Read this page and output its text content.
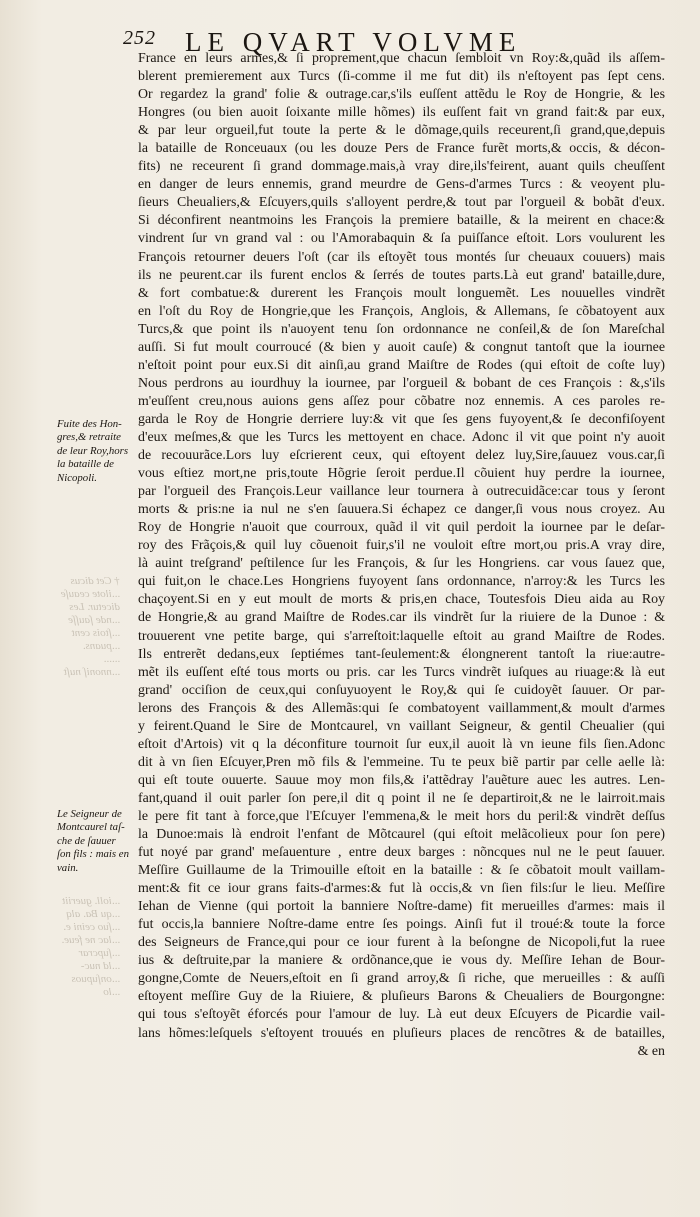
252 LE QVART VOLVME
† Cet dicus
...ilote ceauſe
dicetur. Les
...nde ſauſſe
...ſtois cent
...puans.
......
...nnoniſ nuſt
...ioll. gueriit
...qu Ba. alq
...ſuo ceini e.
...lac ne feue.
...ſupcrar
...ld nuc-
...onſupuos
...lo
France en leurs armes,& ſi proprement,que chacun ſembloit vn Roy:&,quãd ils aſſem-
blerent premierement aux Turcs (ſi-comme il me fut dit) ils n'eſtoyent pas ſept cens.
Or regardez la grand' folie & outrage.car,s'ils euſſent attẽdu le Roy de Hongrie, & les
Hongres (ou bien auoit ſoixante mille hõmes) ils euſſent fait vn grand fait:& par eux,
& par leur orgueil,fut toute la perte & le dõmage,quils receurent,ſi grand,que,depuis
la bataille de Ronceuaux (ou les douze Pers de France furẽt morts,& occis, & décon-
fits) ne receurent ſi grand dommage.mais,à vray dire,ils'feirent, auant quils cheuſſent
en danger de leurs ennemis, grand meurdre de Gens-d'armes Turcs : & veoyent plu-
ſieurs Cheualiers,& Eſcuyers,quils s'alloyent perdre,& tout par l'orgueil & bobãt d'eux.
Si déconfirent neantmoins les François la premiere bataille, & la meirent en chace:&
vindrent ſur vn grand val : ou l'Amorabaquin & ſa puiſſance eſtoit. Lors voulurent les
François retourner deuers l'oſt (car ils eſtoyẽt tous montés ſur cheuaux couuers) mais
ils ne peurent.car ils furent enclos & ſerrés de toutes parts.Là eut grand' bataille,dure,
& fort combatue:& durerent les François moult longuemẽt. Les nouuelles vindrẽt
en l'oſt du Roy de Hongrie,que les François, Anglois, & Allemans, ſe cõbatoyent aux
Turcs,& que point ils n'auoyent tenu ſon ordonnance ne conſeil,& de ſon Mareſchal
auſſi. Si fut moult courroucé (& bien y auoit cauſe) & congnut tantoſt que la iournee
n'eſtoit point pour eux.Si dit ainſi,au grand Maiſtre de Rodes (qui eſtoit de coſte luy)
Nous perdrons au iourdhuy la iournee, par l'orgueil & bobant de ces François : &,s'ils
m'euſſent creu,nous auions gens aſſez pour cõbatre noz ennemis. A ces paroles re-
garda le Roy de Hongrie derriere luy:& vit que ſes gens fuyoyent,& ſe deconfiſoyent
d'eux meſmes,& que les Turcs les mettoyent en chace. Adonc il vit que point n'y auoit
de recouurãce.Lors luy eſcrierent ceux, qui eſtoyent delez luy,Sire,ſauuez vous.car,ſi
vous eſtiez mort,ne pris,toute Hõgrie ſeroit perdue.Il cõuient huy perdre la iournee,
par l'orgueil des François.Leur vaillance leur tournera à outrecuidãce:car tous y ſeront
morts & pris:ne ia nul ne s'en ſauuera.Si échapez ce danger,ſi vous nous croyez. Au
Roy de Hongrie n'auoit que courroux, quãd il vit quil perdoit la iournee par le deſar-
roy des Frãçois,& quil luy cõuenoit fuir,s'il ne vouloit eſtre mort,ou pris.A vray dire,
là auint treſgrand' peſtilence ſur les François, & ſur les Hongriens. car vous ſauez que,
qui fuit,on le chace.Les Hongriens fuyoyent ſans ordonnance, n'arroy:& les Turcs les
chaçoyent.Si en y eut moult de morts & pris,en chace, Toutesfois Dieu aida au Roy
de Hongrie,& au grand Maiſtre de Rodes.car ils vindrẽt ſur la riuiere de la Dunoe : &
trouuerent vne petite barge, qui s'arreſtoit:laquelle eſtoit au grand Maiſtre de Rodes.
Ils entrerẽt dedans,eux ſeptiémes tant-ſeulement:& élongnerent tantoſt la riue:autre-
mẽt ils euſſent eſté tous morts ou pris. car les Turcs vindrẽt iuſques au riuage:& là eut
grand' occiſion de ceux,qui conſuyuoyent le Roy,& qui ſe cuidoyẽt ſauuer. Or par-
lerons des François & des Allemãs:qui ſe combatoyent vaillamment,& moult d'armes
y feirent.Quand le Sire de Montcaurel, vn vaillant Seigneur, & gentil Cheualier (qui
eſtoit d'Artois) vit q la déconfiture tournoit ſur eux,il auoit là vn ieune fils ſien.Adonc
dit à vn ſien Eſcuyer,Pren mõ fils & l'emmeine. Tu te peux biẽ partir par celle aelle là:
qui eſt toute ouuerte. Sauue moy mon fils,& i'attẽdray l'auẽture auec les autres. Len-
fant,quand il ouit parler ſon pere,il dit q point il ne ſe departiroit,& ne le lairroit.mais
le pere fit tant à force,que l'Eſcuyer l'emmena,& le meit hors du peril:& vindrẽt deſſus
la Dunoe:mais là endroit l'enfant de Mõtcaurel (qui eſtoit melãcolieux pour ſon pere)
fut noyé par grand' meſauenture , entre deux barges : nõncques nul ne le peut ſauuer.
Meſſire Guillaume de la Trimouille eſtoit en la bataille : & ſe cõbatoit moult vaillam-
ment:& fit ce iour grans faits-d'armes:& fut là occis,& vn ſien fils:ſur le lieu. Meſſire
Iehan de Vienne (qui portoit la banniere Noſtre-dame) fit merueilles d'armes: mais il
fut occis,la banniere Noſtre-dame entre ſes poings. Ainſi fut il troué:& toute la force
des Seigneurs de France,qui pour ce iour furent à la beſongne de Nicopoli,fut la ruee
ius & deſtruite,par la maniere & ordõnance,que ie vous dy. Meſſire Iehan de Bour-
gongne,Comte de Neuers,eſtoit en ſi grand arroy,& ſi riche, que merueilles : & auſſi
eſtoyent meſſire Guy de la Riuiere, & pluſieurs Barons & Cheualiers de Bourgongne:
qui tous s'eſtoyẽt éforcés pour l'amour de luy. Là eut deux Eſcuyers de Picardie vail-
lans hõmes:leſquels s'eſtoyent trouués en pluſieurs places de rencõtres & de batailles,
& en
Fuite des Hon-
gres,& retraite
de leur Roy,hors
la bataille de
Nicopoli.
Le Seigneur de
Montcaurel taſ-
che de ſauuer
ſon fils : mais en
vain.
